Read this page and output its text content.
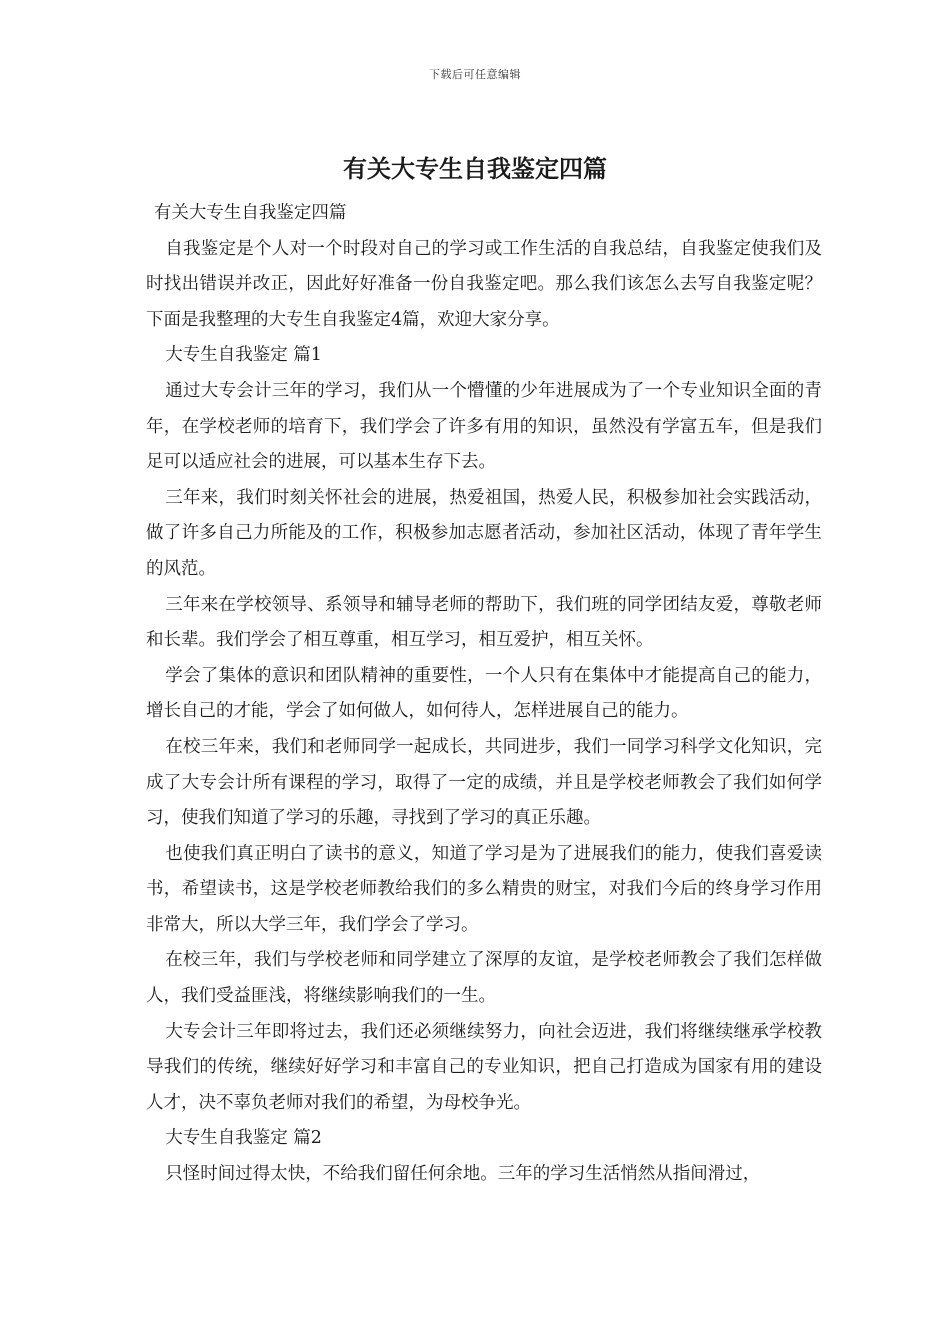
下载后可任意编辑
有关大专生自我鉴定四篇

有关大专生自我鉴定四篇

自我鉴定是个人对一个时段对自己的学习或工作生活的自我总结，自我鉴定使我们及时找出错误并改正，因此好好准备一份自我鉴定吧。那么我们该怎么去写自我鉴定呢？下面是我整理的大专生自我鉴定4篇，欢迎大家分享。

大专生自我鉴定 篇1

通过大专会计三年的学习，我们从一个懵懂的少年进展成为了一个专业知识全面的青年，在学校老师的培育下，我们学会了许多有用的知识，虽然没有学富五车，但是我们足可以适应社会的进展，可以基本生存下去。

三年来，我们时刻关怀社会的进展，热爱祖国，热爱人民，积极参加社会实践活动，做了许多自己力所能及的工作，积极参加志愿者活动，参加社区活动，体现了青年学生的风范。

三年来在学校领导、系领导和辅导老师的帮助下，我们班的同学团结友爱，尊敬老师和长辈。我们学会了相互尊重，相互学习，相互爱护，相互关怀。

学会了集体的意识和团队精神的重要性，一个人只有在集体中才能提高自己的能力，增长自己的才能，学会了如何做人，如何待人，怎样进展自己的能力。

在校三年来，我们和老师同学一起成长，共同进步，我们一同学习科学文化知识，完成了大专会计所有课程的学习，取得了一定的成绩，并且是学校老师教会了我们如何学习，使我们知道了学习的乐趣，寻找到了学习的真正乐趣。

也使我们真正明白了读书的意义，知道了学习是为了进展我们的能力，使我们喜爱读书，希望读书，这是学校老师教给我们的多么精贵的财宝，对我们今后的终身学习作用非常大，所以大学三年，我们学会了学习。

在校三年，我们与学校老师和同学建立了深厚的友谊，是学校老师教会了我们怎样做人，我们受益匪浅，将继续影响我们的一生。

大专会计三年即将过去，我们还必须继续努力，向社会迈进，我们将继续继承学校教导我们的传统，继续好好学习和丰富自己的专业知识，把自己打造成为国家有用的建设人才，决不辜负老师对我们的希望，为母校争光。

大专生自我鉴定 篇2

只怪时间过得太快，不给我们留任何余地。三年的学习生活悄然从指间滑过，
